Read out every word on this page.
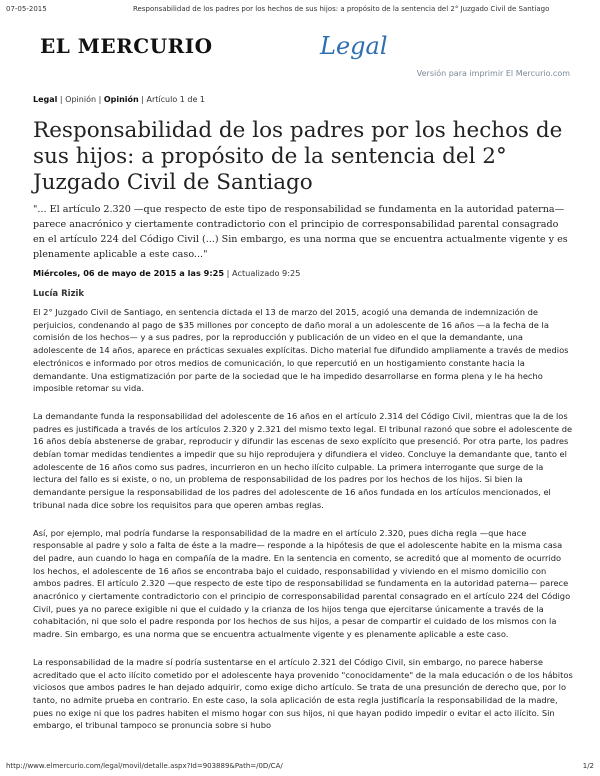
07-05-2015	Responsabilidad de los padres por los hechos de sus hijos: a propósito de la sentencia del 2° Juzgado Civil de Santiago
EL MERCURIO	Legal
Versión para imprimir El Mercurio.com
Legal | Opinión | Opinión | Artículo 1 de 1
Responsabilidad de los padres por los hechos de sus hijos: a propósito de la sentencia del 2° Juzgado Civil de Santiago

"... El artículo 2.320 —que respecto de este tipo de responsabilidad se fundamenta en la autoridad paterna— parece anacrónico y ciertamente contradictorio con el principio de corresponsabilidad parental consagrado en el artículo 224 del Código Civil (...) Sin embargo, es una norma que se encuentra actualmente vigente y es plenamente aplicable a este caso..."

Miércoles, 06 de mayo de 2015 a las 9:25 | Actualizado 9:25
Lucía Rizik

El 2° Juzgado Civil de Santiago, en sentencia dictada el 13 de marzo del 2015, acogió una demanda de indemnización de perjuicios, condenando al pago de $35 millones por concepto de daño moral a un adolescente de 16 años —a la fecha de la comisión de los hechos— y a sus padres, por la reproducción y publicación de un video en el que la demandante, una adolescente de 14 años, aparece en prácticas sexuales explícitas. Dicho material fue difundido ampliamente a través de medios electrónicos e informado por otros medios de comunicación, lo que repercutió en un hostigamiento constante hacia la demandante. Una estigmatización por parte de la sociedad que le ha impedido desarrollarse en forma plena y le ha hecho imposible retomar su vida.

La demandante funda la responsabilidad del adolescente de 16 años en el artículo 2.314 del Código Civil, mientras que la de los padres es justificada a través de los artículos 2.320 y 2.321 del mismo texto legal. El tribunal razonó que sobre el adolescente de 16 años debía abstenerse de grabar, reproducir y difundir las escenas de sexo explícito que presenció. Por otra parte, los padres debían tomar medidas tendientes a impedir que su hijo reprodujera y difundiera el video. Concluye la demandante que, tanto el adolescente de 16 años como sus padres, incurrieron en un hecho ilícito culpable. La primera interrogante que surge de la lectura del fallo es si existe, o no, un problema de responsabilidad de los padres por los hechos de los hijos. Si bien la demandante persigue la responsabilidad de los padres del adolescente de 16 años fundada en los artículos mencionados, el tribunal nada dice sobre los requisitos para que operen ambas reglas.

Así, por ejemplo, mal podría fundarse la responsabilidad de la madre en el artículo 2.320, pues dicha regla —que hace responsable al padre y solo a falta de éste a la madre— responde a la hipótesis de que el adolescente habite en la misma casa del padre, aun cuando lo haga en compañía de la madre. En la sentencia en comento, se acreditó que al momento de ocurrido los hechos, el adolescente de 16 años se encontraba bajo el cuidado, responsabilidad y viviendo en el mismo domicilio con ambos padres. El artículo 2.320 —que respecto de este tipo de responsabilidad se fundamenta en la autoridad paterna— parece anacrónico y ciertamente contradictorio con el principio de corresponsabilidad parental consagrado en el artículo 224 del Código Civil, pues ya no parece exigible ni que el cuidado y la crianza de los hijos tenga que ejercitarse únicamente a través de la cohabitación, ni que solo el padre responda por los hechos de sus hijos, a pesar de compartir el cuidado de los mismos con la madre. Sin embargo, es una norma que se encuentra actualmente vigente y es plenamente aplicable a este caso.

La responsabilidad de la madre sí podría sustentarse en el artículo 2.321 del Código Civil, sin embargo, no parece haberse acreditado que el acto ilícito cometido por el adolescente haya provenido "conocidamente" de la mala educación o de los hábitos viciosos que ambos padres le han dejado adquirir, como exige dicho artículo. Se trata de una presunción de derecho que, por lo tanto, no admite prueba en contrario. En este caso, la sola aplicación de esta regla justificaría la responsabilidad de la madre, pues no exige ni que los padres habiten el mismo hogar con sus hijos, ni que hayan podido impedir o evitar el acto ilícito. Sin embargo, el tribunal tampoco se pronuncia sobre si hubo

http://www.elmercurio.com/legal/movil/detalle.aspx?Id=903889&Path=/0D/CA/	1/2
